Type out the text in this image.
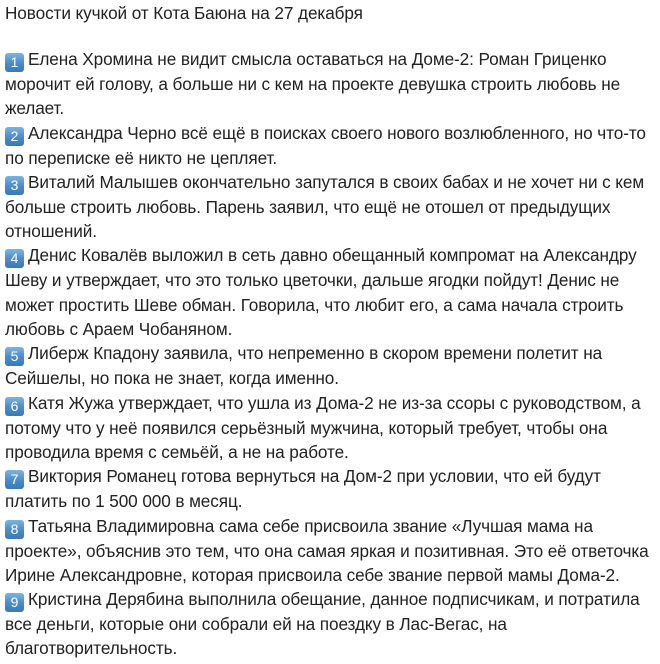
Новости кучкой от Кота Баюна на 27 декабря

1 Елена Хромина не видит смысла оставаться на Доме-2: Роман Гриценко морочит ей голову, а больше ни с кем на проекте девушка строить любовь не желает.

2 Александра Черно всё ещё в поисках своего нового возлюбленного, но что-то по переписке её никто не цепляет.

3 Виталий Малышев окончательно запутался в своих бабах и не хочет ни с кем больше строить любовь. Парень заявил, что ещё не отошел от предыдущих отношений.

4 Денис Ковалёв выложил в сеть давно обещанный компромат на Александру Шеву и утверждает, что это только цветочки, дальше ягодки пойдут! Денис не может простить Шеве обман. Говорила, что любит его, а сама начала строить любовь с Араем Чобаняном.

5 Либерж Кпадону заявила, что непременно в скором времени полетит на Сейшелы, но пока не знает, когда именно.

6 Катя Жужа утверждает, что ушла из Дома-2 не из-за ссоры с руководством, а потому что у неё появился серьёзный мужчина, который требует, чтобы она проводила время с семьёй, а не на работе.

7 Виктория Романец готова вернуться на Дом-2 при условии, что ей будут платить по 1 500 000 в месяц.

8 Татьяна Владимировна сама себе присвоила звание «Лучшая мама на проекте», объяснив это тем, что она самая яркая и позитивная. Это её ответочка Ирине Александровне, которая присвоила себе звание первой мамы Дома-2.

9 Кристина Дерябина выполнила обещание, данное подписчикам, и потратила все деньги, которые они собрали ей на поездку в Лас-Вегас, на благотворительность.
